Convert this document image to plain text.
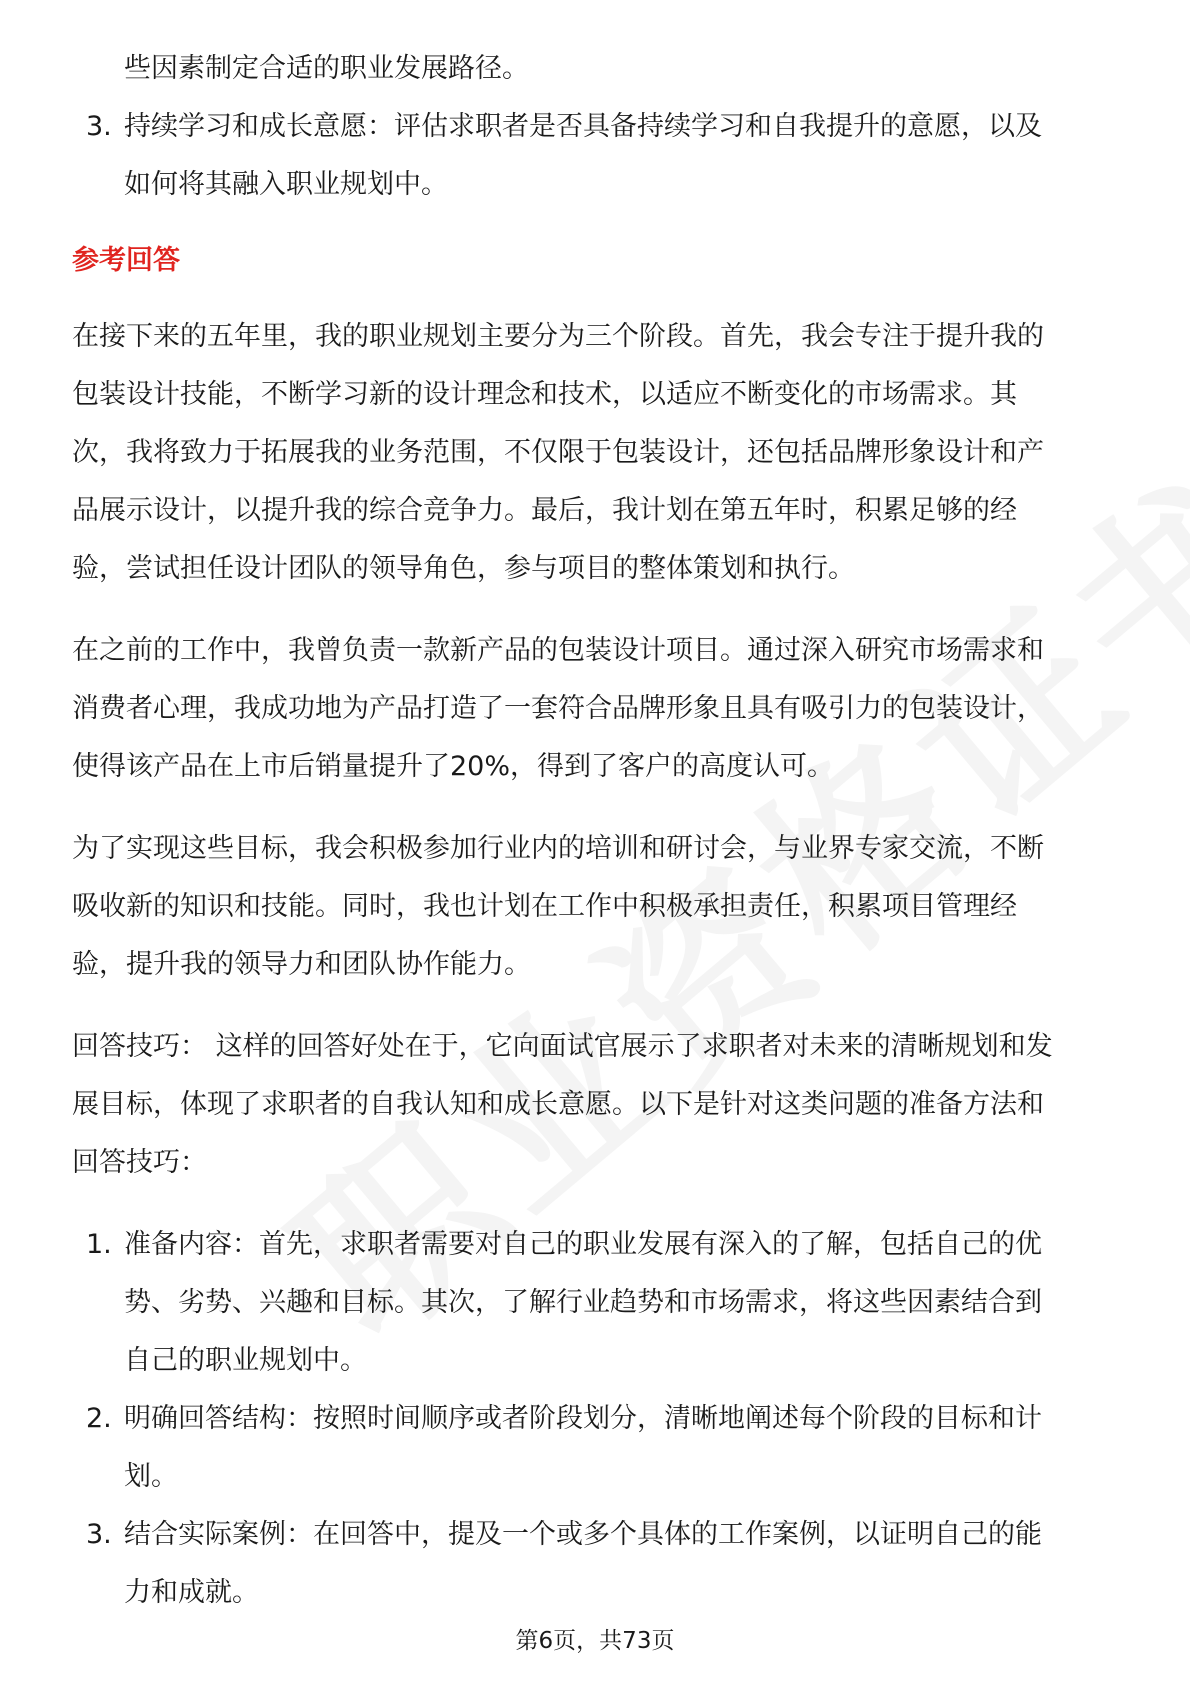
些因素制定合适的职业发展路径。
3. 持续学习和成长意愿：评估求职者是否具备持续学习和自我提升的意愿，以及
如何将其融入职业规划中。
参考回答

在接下来的五年里，我的职业规划主要分为三个阶段。首先，我会专注于提升我的
包装设计技能，不断学习新的设计理念和技术，以适应不断变化的市场需求。其
次，我将致力于拓展我的业务范围，不仅限于包装设计，还包括品牌形象设计和产
品展示设计，以提升我的综合竞争力。最后，我计划在第五年时，积累足够的经
验，尝试担任设计团队的领导角色，参与项目的整体策划和执行。

在之前的工作中，我曾负责一款新产品的包装设计项目。通过深入研究市场需求和
消费者心理，我成功地为产品打造了一套符合品牌形象且具有吸引力的包装设计，
使得该产品在上市后销量提升了20%，得到了客户的高度认可。

为了实现这些目标，我会积极参加行业内的培训和研讨会，与业界专家交流，不断
吸收新的知识和技能。同时，我也计划在工作中积极承担责任，积累项目管理经
验，提升我的领导力和团队协作能力。

回答技巧： 这样的回答好处在于，它向面试官展示了求职者对未来的清晰规划和发
展目标，体现了求职者的自我认知和成长意愿。以下是针对这类问题的准备方法和
回答技巧：

1. 准备内容：首先，求职者需要对自己的职业发展有深入的了解，包括自己的优
势、劣势、兴趣和目标。其次，了解行业趋势和市场需求，将这些因素结合到
自己的职业规划中。
2. 明确回答结构：按照时间顺序或者阶段划分，清晰地阐述每个阶段的目标和计
划。
3. 结合实际案例：在回答中，提及一个或多个具体的工作案例，以证明自己的能
力和成就。
第6页，共73页
